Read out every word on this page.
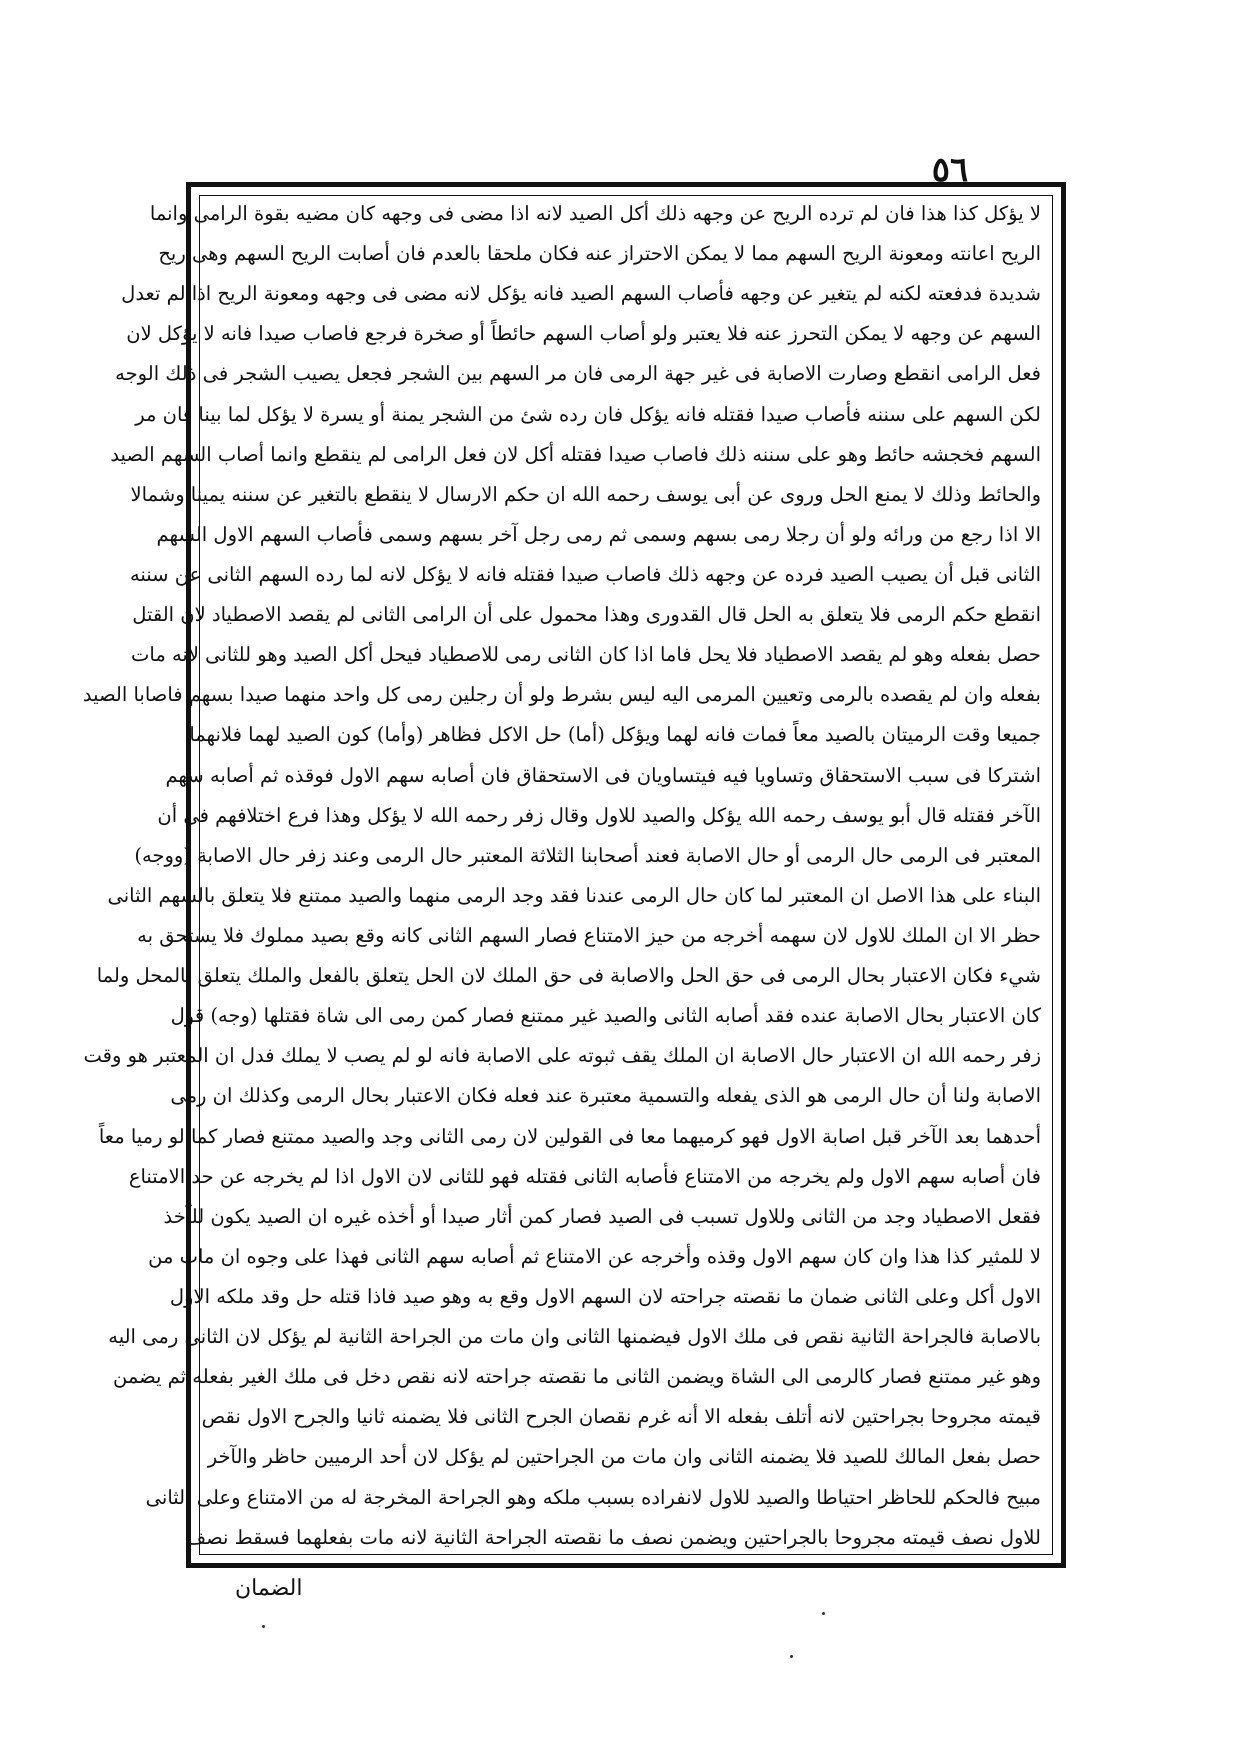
٥٦
لا يؤكل كذا هذا فان لم ترده الريح عن وجهه ذلك أكل الصيد لانه اذا مضى فى وجهه كان مضيه بقوة الرامى وانما
الريح اعانته ومعونة الريح السهم مما لا يمكن الاحتراز عنه فكان ملحقا بالعدم فان أصابت الريح السهم وهى ريح
شديدة فدفعته لكنه لم يتغير عن وجهه فأصاب السهم الصيد فانه يؤكل لانه مضى فى وجهه ومعونة الريح اذا لم تعدل
السهم عن وجهه لا يمكن التحرز عنه فلا يعتبر ولو أصاب السهم حائطاً أو صخرة فرجع فاصاب صيدا فانه لا يؤكل لان
فعل الرامى انقطع وصارت الاصابة فى غير جهة الرمى فان مر السهم بين الشجر فجعل يصيب الشجر فى ذلك الوجه
لكن السهم على سننه فأصاب صيدا فقتله فانه يؤكل فان رده شئ من الشجر يمنة أو يسرة لا يؤكل لما بينا فان مر
السهم فخجشه حائط وهو على سننه ذلك فاصاب صيدا فقتله أكل لان فعل الرامى لم ينقطع وانما أصاب السهم الصيد
والحائط وذلك لا يمنع الحل وروى عن أبى يوسف رحمه الله ان حكم الارسال لا ينقطع بالتغير عن سننه يمينا وشمالا
الا اذا رجع من ورائه ولو أن رجلا رمى بسهم وسمى ثم رمى رجل آخر بسهم وسمى فأصاب السهم الاول السهم
الثانى قبل أن يصيب الصيد فرده عن وجهه ذلك فاصاب صيدا فقتله فانه لا يؤكل لانه لما رده السهم الثانى عن سننه
انقطع حكم الرمى فلا يتعلق به الحل قال القدورى وهذا محمول على أن الرامى الثانى لم يقصد الاصطياد لان القتل
حصل بفعله وهو لم يقصد الاصطياد فلا يحل فاما اذا كان الثانى رمى للاصطياد فيحل أكل الصيد وهو للثانى لانه مات
بفعله وان لم يقصده بالرمى وتعيين المرمى اليه ليس بشرط ولو أن رجلين رمى كل واحد منهما صيدا بسهم فاصابا الصيد
جميعا وقت الرميتان بالصيد معاً فمات فانه لهما ويؤكل (أما) حل الاكل فظاهر (وأما) كون الصيد لهما فلانهما
اشتركا فى سبب الاستحقاق وتساويا فيه فيتساويان فى الاستحقاق فان أصابه سهم الاول فوقذه ثم أصابه سهم
الآخر فقتله قال أبو يوسف رحمه الله يؤكل والصيد للاول وقال زفر رحمه الله لا يؤكل وهذا فرع اختلافهم فى أن
المعتبر فى الرمى حال الرمى أو حال الاصابة فعند أصحابنا الثلاثة المعتبر حال الرمى وعند زفر حال الاصابة (ووجه)
البناء على هذا الاصل ان المعتبر لما كان حال الرمى عندنا فقد وجد الرمى منهما والصيد ممتنع فلا يتعلق بالسهم الثانى
حظر الا ان الملك للاول لان سهمه أخرجه من حيز الامتناع فصار السهم الثانى كانه وقع بصيد مملوك فلا يستحق به
شيء فكان الاعتبار بحال الرمى فى حق الحل والاصابة فى حق الملك لان الحل يتعلق بالفعل والملك يتعلق بالمحل ولما
كان الاعتبار بحال الاصابة عنده فقد أصابه الثانى والصيد غير ممتنع فصار كمن رمى الى شاة فقتلها (وجه) قول
زفر رحمه الله ان الاعتبار حال الاصابة ان الملك يقف ثبوته على الاصابة فانه لو لم يصب لا يملك فدل ان المعتبر هو وقت
الاصابة ولنا أن حال الرمى هو الذى يفعله والتسمية معتبرة عند فعله فكان الاعتبار بحال الرمى وكذلك ان رمى
أحدهما بعد الآخر قبل اصابة الاول فهو كرميهما معا فى القولين لان رمى الثانى وجد والصيد ممتنع فصار كما لو رميا معاً
فان أصابه سهم الاول ولم يخرجه من الامتناع فأصابه الثانى فقتله فهو للثانى لان الاول اذا لم يخرجه عن حد الامتناع
فقعل الاصطياد وجد من الثانى وللاول تسبب فى الصيد فصار كمن أثار صيدا أو أخذه غيره ان الصيد يكون للآخذ
لا للمثير كذا هذا وان كان سهم الاول وقذه وأخرجه عن الامتناع ثم أصابه سهم الثانى فهذا على وجوه ان مات من
الاول أكل وعلى الثانى ضمان ما نقصته جراحته لان السهم الاول وقع به وهو صيد فاذا قتله حل وقد ملكه الاول
بالاصابة فالجراحة الثانية نقص فى ملك الاول فيضمنها الثانى وان مات من الجراحة الثانية لم يؤكل لان الثانى رمى اليه
وهو غير ممتنع فصار كالرمى الى الشاة ويضمن الثانى ما نقصته جراحته لانه نقص دخل فى ملك الغير بفعله ثم يضمن
قيمته مجروحا بجراحتين لانه أتلف بفعله الا أنه غرم نقصان الجرح الثانى فلا يضمنه ثانيا والجرح الاول نقص
حصل بفعل المالك للصيد فلا يضمنه الثانى وان مات من الجراحتين لم يؤكل لان أحد الرميين حاظر والآخر
مبيح فالحكم للحاظر احتياطا والصيد للاول لانفراده بسبب ملكه وهو الجراحة المخرجة له من الامتناع وعلى الثانى
للاول نصف قيمته مجروحا بالجراحتين ويضمن نصف ما نقصته الجراحة الثانية لانه مات بفعلهما فسقط نصف
الضمان
